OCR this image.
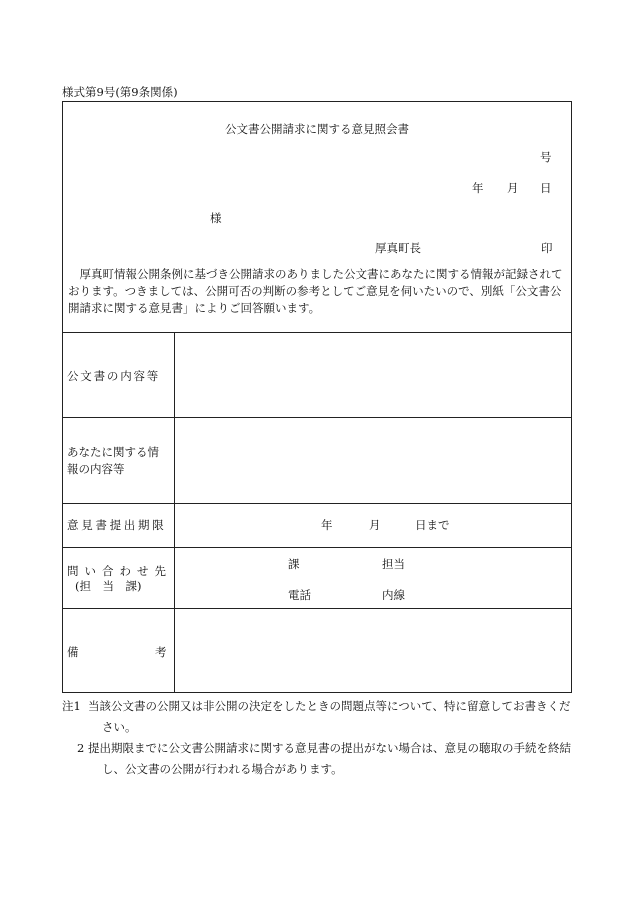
様式第9号(第9条関係)
公文書公開請求に関する意見照会書
号
年 月 日
様
厚真町長	印
厚真町情報公開条例に基づき公開請求のありました公文書にあなたに関する情報が記録されております。つきましては、公開可否の判断の参考としてご意見を伺いたいので、別紙「公文書公開請求に関する意見書」によりご回答願います。
公文書の内容等
あなたに関する情
報の内容等
意見書提出期限	年	月	日まで
問い合わせ先
(担　当　課)
課	担当
電話	内線
備	考
注1 当該公文書の公開又は非公開の決定をしたときの問題点等について、特に留意してお書きください。
2 提出期限までに公文書公開請求に関する意見書の提出がない場合は、意見の聴取の手続を終結し、公文書の公開が行われる場合があります。
